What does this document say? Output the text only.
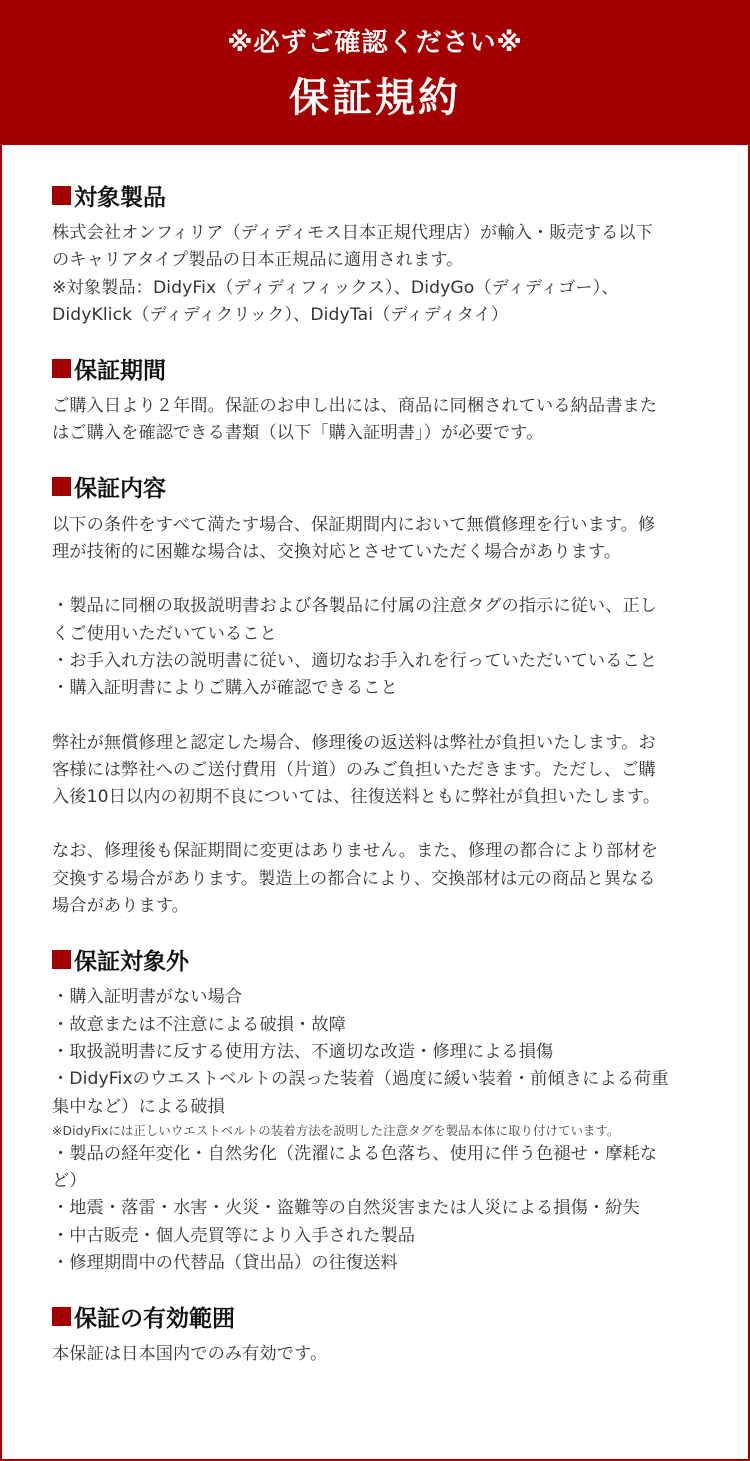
※必ずご確認ください※
保証規約
対象製品
株式会社オンフィリア（ディディモス日本正規代理店）が輸入・販売する以下
のキャリアタイプ製品の日本正規品に適用されます。
※対象製品：DidyFix（ディディフィックス）、DidyGo（ディディゴー）、
DidyKlick（ディディクリック）、DidyTai（ディディタイ）
保証期間
ご購入日より２年間。保証のお申し出には、商品に同梱されている納品書また
はご購入を確認できる書類（以下「購入証明書」）が必要です。
保証内容
以下の条件をすべて満たす場合、保証期間内において無償修理を行います。修
理が技術的に困難な場合は、交換対応とさせていただく場合があります。
・製品に同梱の取扱説明書および各製品に付属の注意タグの指示に従い、正し
くご使用いただいていること
・お手入れ方法の説明書に従い、適切なお手入れを行っていただいていること
・購入証明書によりご購入が確認できること
弊社が無償修理と認定した場合、修理後の返送料は弊社が負担いたします。お
客様には弊社へのご送付費用（片道）のみご負担いただきます。ただし、ご購
入後10日以内の初期不良については、往復送料ともに弊社が負担いたします。
なお、修理後も保証期間に変更はありません。また、修理の都合により部材を
交換する場合があります。製造上の都合により、交換部材は元の商品と異なる
場合があります。
保証対象外
・購入証明書がない場合
・故意または不注意による破損・故障
・取扱説明書に反する使用方法、不適切な改造・修理による損傷
・DidyFixのウエストベルトの誤った装着（過度に緩い装着・前傾きによる荷重
集中など）による破損
※DidyFixには正しいウエストベルトの装着方法を説明した注意タグを製品本体に取り付けています。
・製品の経年変化・自然劣化（洗濯による色落ち、使用に伴う色褪せ・摩耗な
ど）
・地震・落雷・水害・火災・盗難等の自然災害または人災による損傷・紛失
・中古販売・個人売買等により入手された製品
・修理期間中の代替品（貸出品）の往復送料
保証の有効範囲
本保証は日本国内でのみ有効です。
